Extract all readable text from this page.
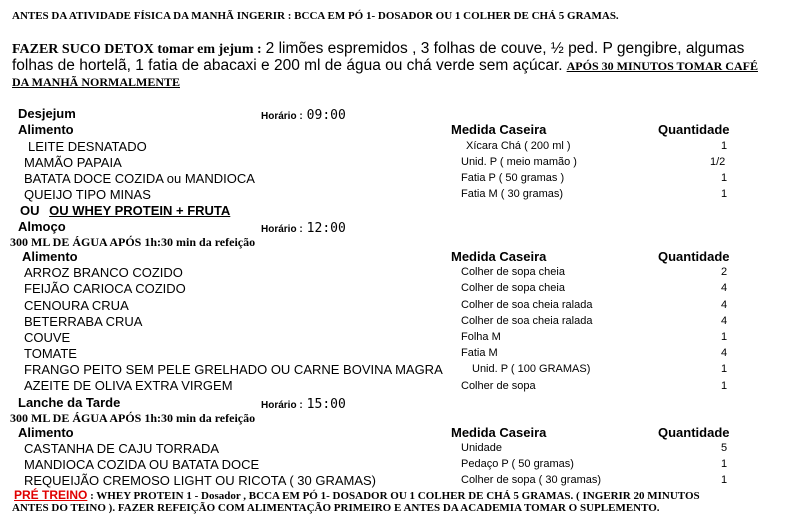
ANTES DA ATIVIDADE FÍSICA DA MANHÃ INGERIR : BCCA EM PÓ 1- DOSADOR OU 1 COLHER DE CHÁ 5 GRAMAS.
FAZER SUCO DETOX tomar em jejum : 2 limões espremidos , 3 folhas de couve, ½ ped. P gengibre, algumas
folhas de hortelã, 1 fatia de abacaxi e 200 ml de água ou chá verde sem açúcar. APÓS 30 MINUTOS TOMAR CAFÉ
DA MANHÃ NORMALMENTE
Desjejum	Horário : 09:00
Alimento	Medida Caseira	Quantidade
LEITE DESNATADO	Xícara Chá ( 200 ml )	1
MAMÃO PAPAIA	Unid. P ( meio mamão )	1/2
BATATA DOCE COZIDA ou MANDIOCA	Fatia P ( 50 gramas )	1
QUEIJO TIPO MINAS	Fatia M ( 30 gramas)	1
OU OU WHEY PROTEIN + FRUTA
Almoço	Horário : 12:00
300 ML DE ÁGUA APÓS 1h:30 min da refeição
Alimento	Medida Caseira	Quantidade
ARROZ BRANCO COZIDO	Colher de sopa cheia	2
FEIJÃO CARIOCA COZIDO	Colher de sopa cheia	4
CENOURA CRUA	Colher de soa cheia ralada	4
BETERRABA CRUA	Colher de soa cheia ralada	4
COUVE	Folha M	1
TOMATE	Fatia M	4
FRANGO PEITO SEM PELE GRELHADO OU CARNE BOVINA MAGRA	Unid. P ( 100 GRAMAS)	1
AZEITE DE OLIVA EXTRA VIRGEM	Colher de sopa	1
Lanche da Tarde	Horário : 15:00
300 ML DE ÁGUA APÓS 1h:30 min da refeição
Alimento	Medida Caseira	Quantidade
CASTANHA DE CAJU TORRADA	Unidade	5
MANDIOCA COZIDA OU BATATA DOCE	Pedaço P ( 50 gramas)	1
REQUEIJÃO CREMOSO LIGHT OU RICOTA ( 30 GRAMAS)	Colher de sopa ( 30 gramas)	1
PRÉ TREINO : WHEY PROTEIN 1 - Dosador , BCCA EM PÓ 1- DOSADOR OU 1 COLHER DE CHÁ 5 GRAMAS. ( INGERIR 20 MINUTOS
ANTES DO TEINO ). FAZER REFEIÇÃO COM ALIMENTAÇÃO PRIMEIRO E ANTES DA ACADEMIA TOMAR O SUPLEMENTO.
